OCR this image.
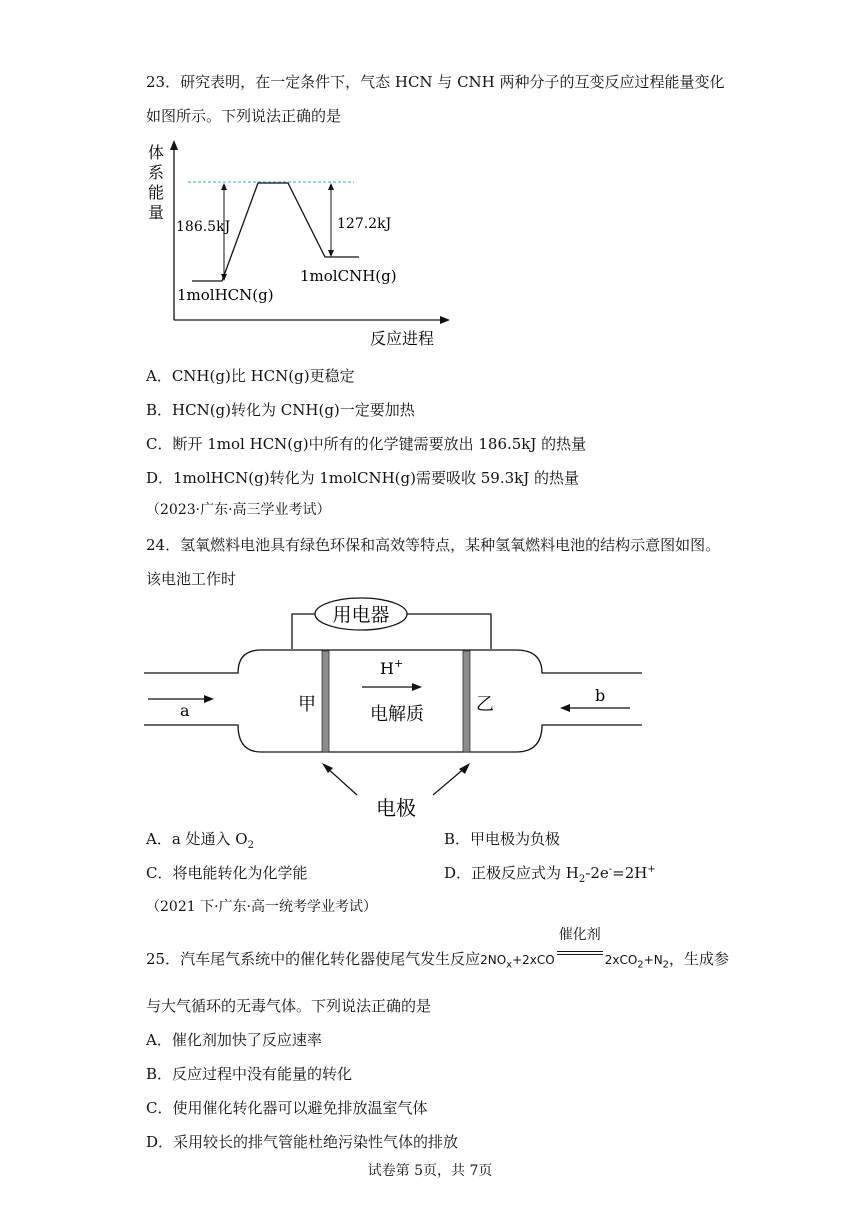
23．研究表明，在一定条件下，气态 HCN 与 CNH 两种分子的互变反应过程能量变化
如图所示。下列说法正确的是
体
系
能
量
反应进程
186.5kJ	127.2kJ
1molHCN(g)
1molCNH(g)
A．CNH(g)比 HCN(g)更稳定
B．HCN(g)转化为 CNH(g)一定要加热
C．断开 1mol HCN(g)中所有的化学键需要放出 186.5kJ 的热量
D．1molHCN(g)转化为 1molCNH(g)需要吸收 59.3kJ 的热量
（2023·广东·高三学业考试）
24．氢氧燃料电池具有绿色环保和高效等特点，某种氢氧燃料电池的结构示意图如图。
该电池工作时
用电器
H+
电解质
甲	乙
a
b
电极
A．a 处通入 $O_2$	B．甲电极为负极
C．将电能转化为化学能	D．正极反应式为 $H_2-2e^-=2H^+$
（2021 下·广东·高一统考学业考试）
25．汽车尾气系统中的催化转化器使尾气发生反应$2NO_x+2xCO$
催化剂
$2xCO_2+N_2$，生成参
与大气循环的无毒气体。下列说法正确的是
A．催化剂加快了反应速率
B．反应过程中没有能量的转化
C．使用催化转化器可以避免排放温室气体
D．采用较长的排气管能杜绝污染性气体的排放
试卷第 5页，共 7页
